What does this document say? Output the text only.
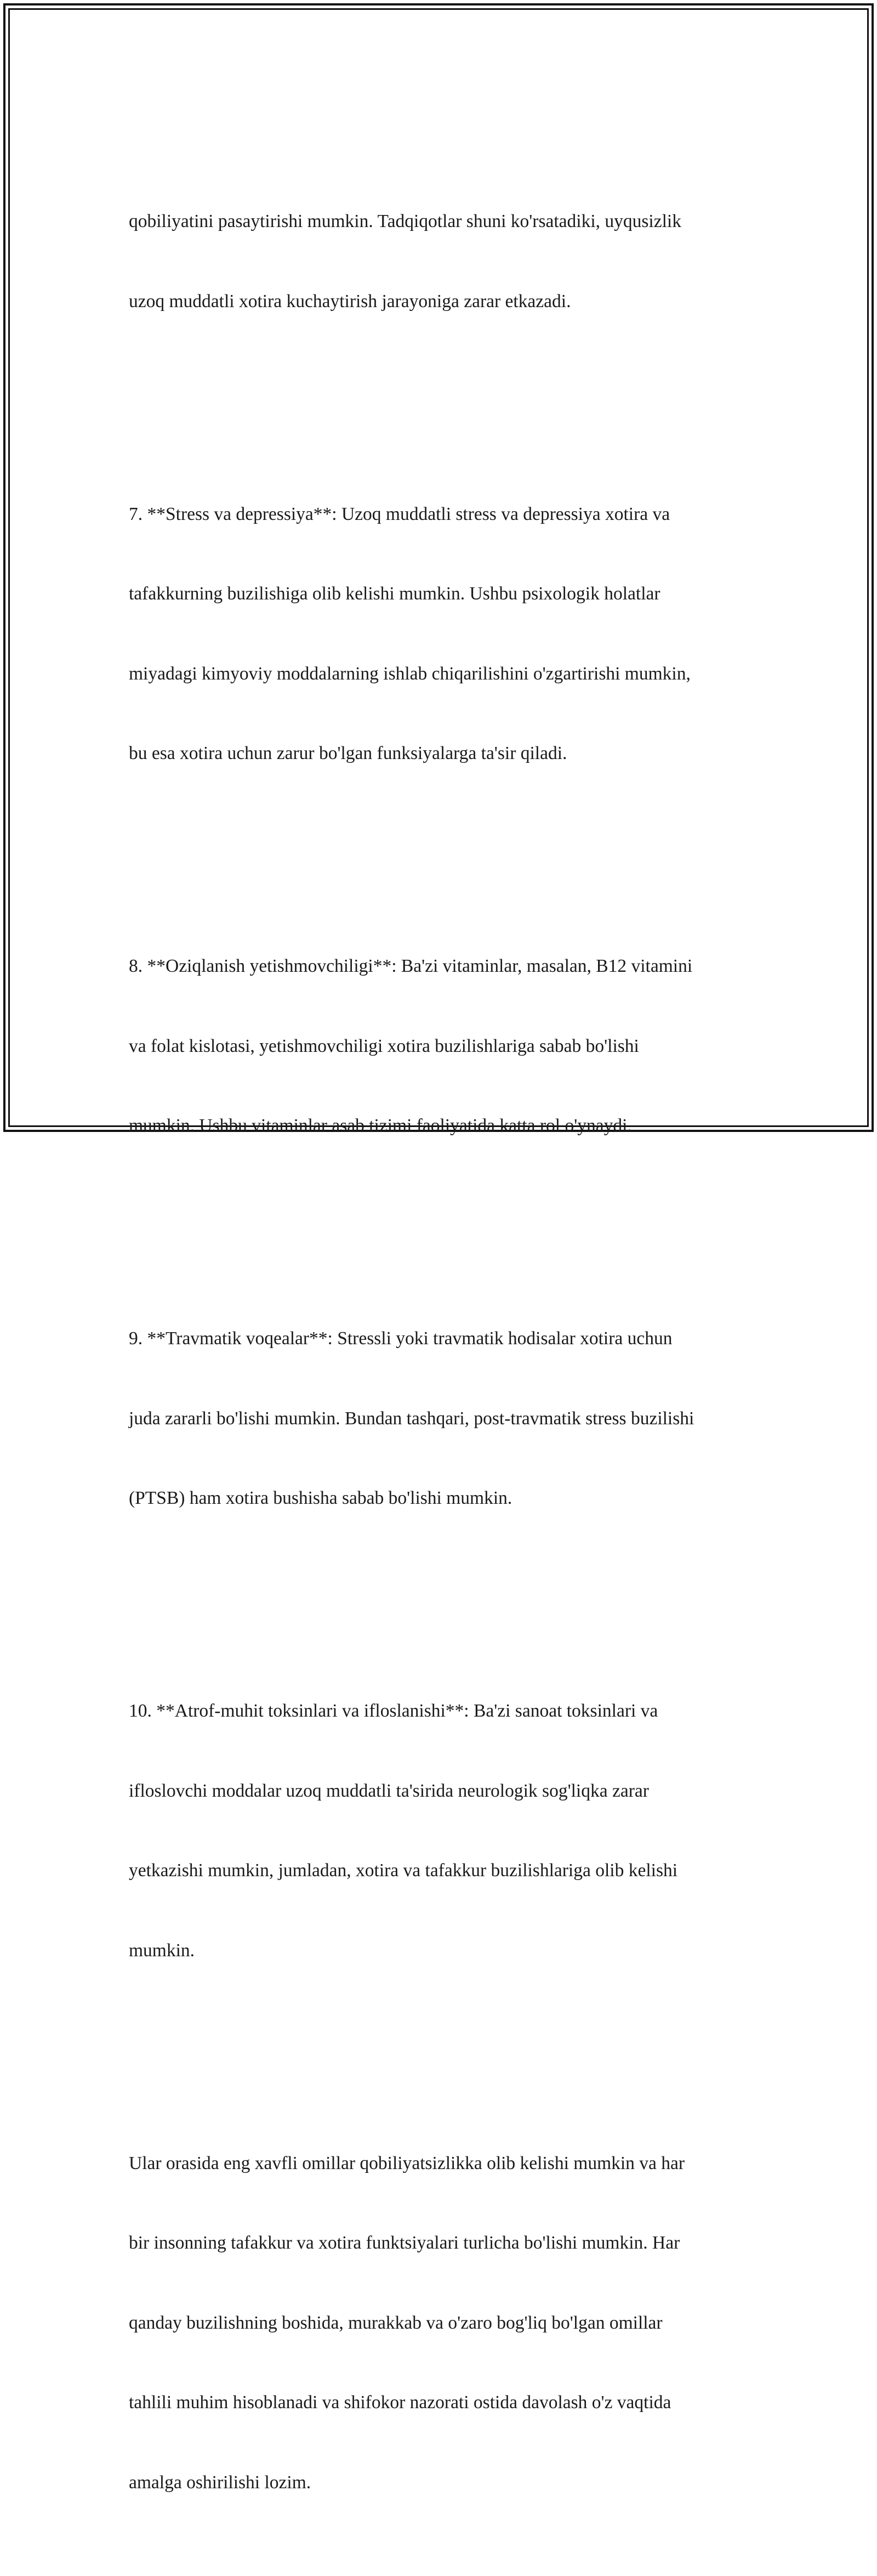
qobiliyatini pasaytirishi mumkin. Tadqiqotlar shuni ko'rsatadiki, uyqusizlik

uzoq muddatli xotira kuchaytirish jarayoniga zarar etkazadi.

7. **Stress va depressiya**: Uzoq muddatli stress va depressiya xotira va

tafakkurning buzilishiga olib kelishi mumkin. Ushbu psixologik holatlar

miyadagi kimyoviy moddalarning ishlab chiqarilishini o'zgartirishi mumkin,

bu esa xotira uchun zarur bo'lgan funksiyalarga ta'sir qiladi.

8. **Oziqlanish yetishmovchiligi**: Ba'zi vitaminlar, masalan, B12 vitamini

va folat kislotasi, yetishmovchiligi xotira buzilishlariga sabab bo'lishi

mumkin. Ushbu vitaminlar asab tizimi faoliyatida katta rol o'ynaydi.

9. **Travmatik voqealar**: Stressli yoki travmatik hodisalar xotira uchun

juda zararli bo'lishi mumkin. Bundan tashqari, post-travmatik stress buzilishi

(PTSB) ham xotira bushisha sabab bo'lishi mumkin.

10. **Atrof-muhit toksinlari va ifloslanishi**: Ba'zi sanoat toksinlari va

ifloslovchi moddalar uzoq muddatli ta'sirida neurologik sog'liqka zarar

yetkazishi mumkin, jumladan, xotira va tafakkur buzilishlariga olib kelishi

mumkin.

Ular orasida eng xavfli omillar qobiliyatsizlikka olib kelishi mumkin va har

bir insonning tafakkur va xotira funktsiyalari turlicha bo'lishi mumkin. Har

qanday buzilishning boshida, murakkab va o'zaro bog'liq bo'lgan omillar

tahlili muhim hisoblanadi va shifokor nazorati ostida davolash o'z vaqtida

amalga oshirilishi lozim.
